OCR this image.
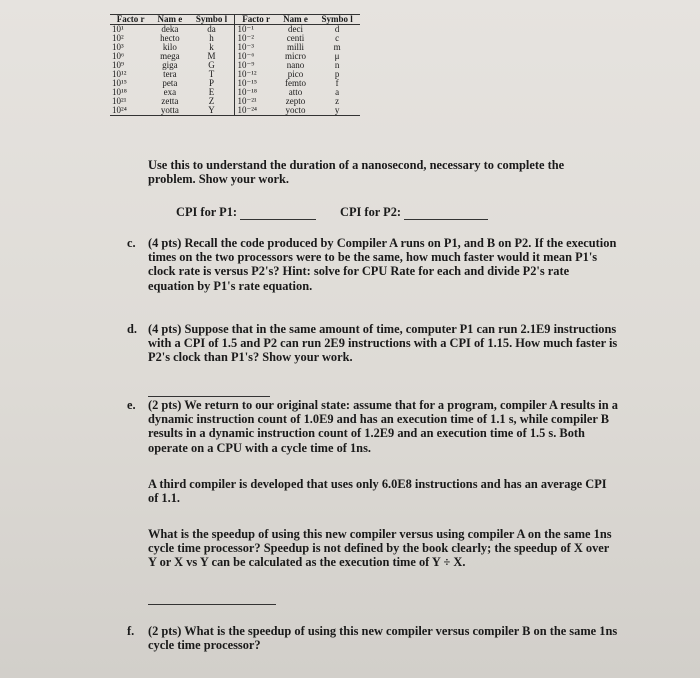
Facto r	Nam e	Symbo l	Facto r	Nam e	Symbo l
10¹	deka	da	10⁻¹	deci	d
10²	hecto	h	10⁻²	centi	c
10³	kilo	k	10⁻³	milli	m
10⁶	mega	M	10⁻⁶	micro	μ
10⁹	giga	G	10⁻⁹	nano	n
10¹²	tera	T	10⁻¹²	pico	p
10¹⁵	peta	P	10⁻¹⁵	femto	f
10¹⁸	exa	E	10⁻¹⁸	atto	a
10²¹	zetta	Z	10⁻²¹	zepto	z
10²⁴	yotta	Y	10⁻²⁴	yocto	y
Use this to understand the duration of a nanosecond, necessary to complete the problem. Show your work.
CPI for P1:	CPI for P2:
c. (4 pts) Recall the code produced by Compiler A runs on P1, and B on P2. If the execution times on the two processors were to be the same, how much faster would it mean P1's clock rate is versus P2's? Hint: solve for CPU Rate for each and divide P2's rate equation by P1's rate equation.
d. (4 pts) Suppose that in the same amount of time, computer P1 can run 2.1E9 instructions with a CPI of 1.5 and P2 can run 2E9 instructions with a CPI of 1.15. How much faster is P2's clock than P1's? Show your work.
e. (2 pts) We return to our original state: assume that for a program, compiler A results in a dynamic instruction count of 1.0E9 and has an execution time of 1.1 s, while compiler B results in a dynamic instruction count of 1.2E9 and an execution time of 1.5 s. Both operate on a CPU with a cycle time of 1ns.
A third compiler is developed that uses only 6.0E8 instructions and has an average CPI of 1.1.
What is the speedup of using this new compiler versus using compiler A on the same 1ns cycle time processor? Speedup is not defined by the book clearly; the speedup of X over Y or X vs Y can be calculated as the execution time of Y ÷ X.
f. (2 pts) What is the speedup of using this new compiler versus compiler B on the same 1ns cycle time processor?
